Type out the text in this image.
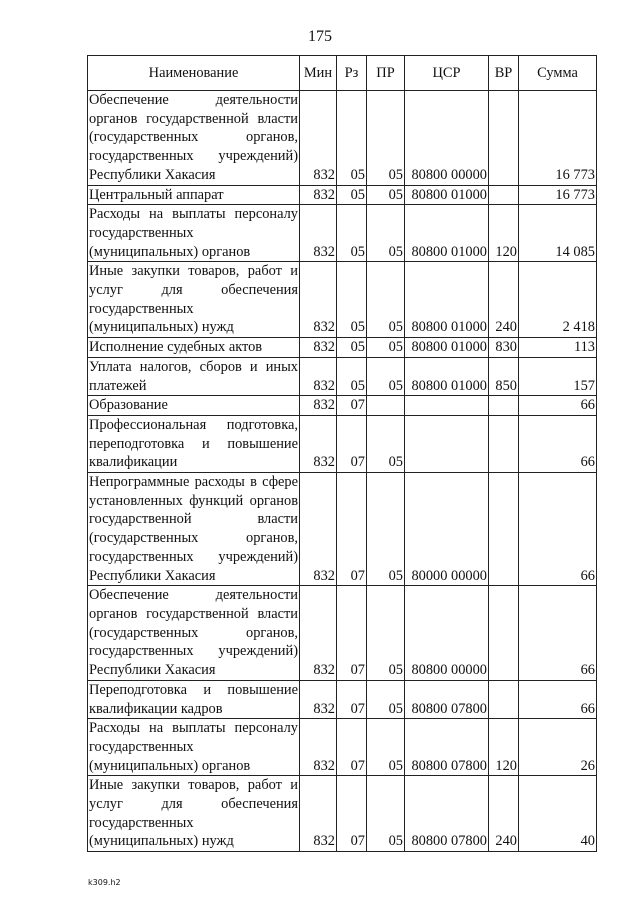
175
Наименование	Мин	Рз	ПР	ЦСР	ВР	Сумма
Обеспечение деятельности органов государственной власти (государственных органов, государственных учреждений) Республики Хакасия	832	05	05	80800 00000		16 773
Центральный аппарат	832	05	05	80800 01000		16 773
Расходы на выплаты персоналу государственных (муниципальных) органов	832	05	05	80800 01000	120	14 085
Иные закупки товаров, работ и услуг для обеспечения государственных (муниципальных) нужд	832	05	05	80800 01000	240	2 418
Исполнение судебных актов	832	05	05	80800 01000	830	113
Уплата налогов, сборов и иных платежей	832	05	05	80800 01000	850	157
Образование	832	07				66
Профессиональная подготовка, переподготовка и повышение квалификации	832	07	05			66
Непрограммные расходы в сфере установленных функций органов государственной власти (государственных органов, государственных учреждений) Республики Хакасия	832	07	05	80000 00000		66
Обеспечение деятельности органов государственной власти (государственных органов, государственных учреждений) Республики Хакасия	832	07	05	80800 00000		66
Переподготовка и повышение квалификации кадров	832	07	05	80800 07800		66
Расходы на выплаты персоналу государственных (муниципальных) органов	832	07	05	80800 07800	120	26
Иные закупки товаров, работ и услуг для обеспечения государственных (муниципальных) нужд	832	07	05	80800 07800	240	40
k309.h2
